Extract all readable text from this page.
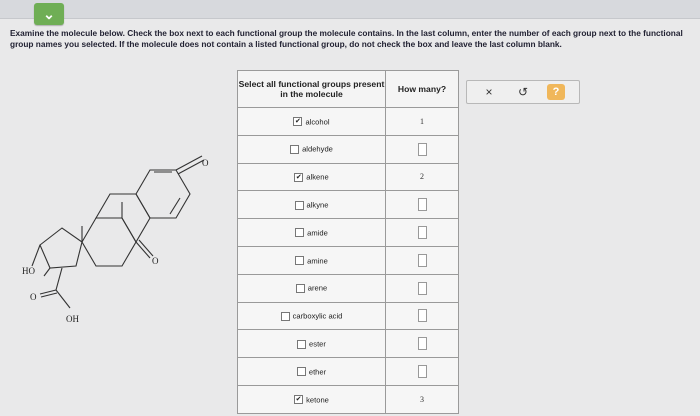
⌄
Examine the molecule below. Check the box next to each functional group the molecule contains. In the last column, enter the number of each group next to the functional group names you selected. If the molecule does not contain a listed functional group, do not check the box and leave the last column blank.
O
O
HO
O
OH
Select all functional groups present in the molecule	How many?
✔ alcohol	1
aldehyde	
✔ alkene	2
alkyne	
amide	
amine	
arene	
carboxylic acid	
ester	
ether	
✔ ketone	3
×	↺	?
